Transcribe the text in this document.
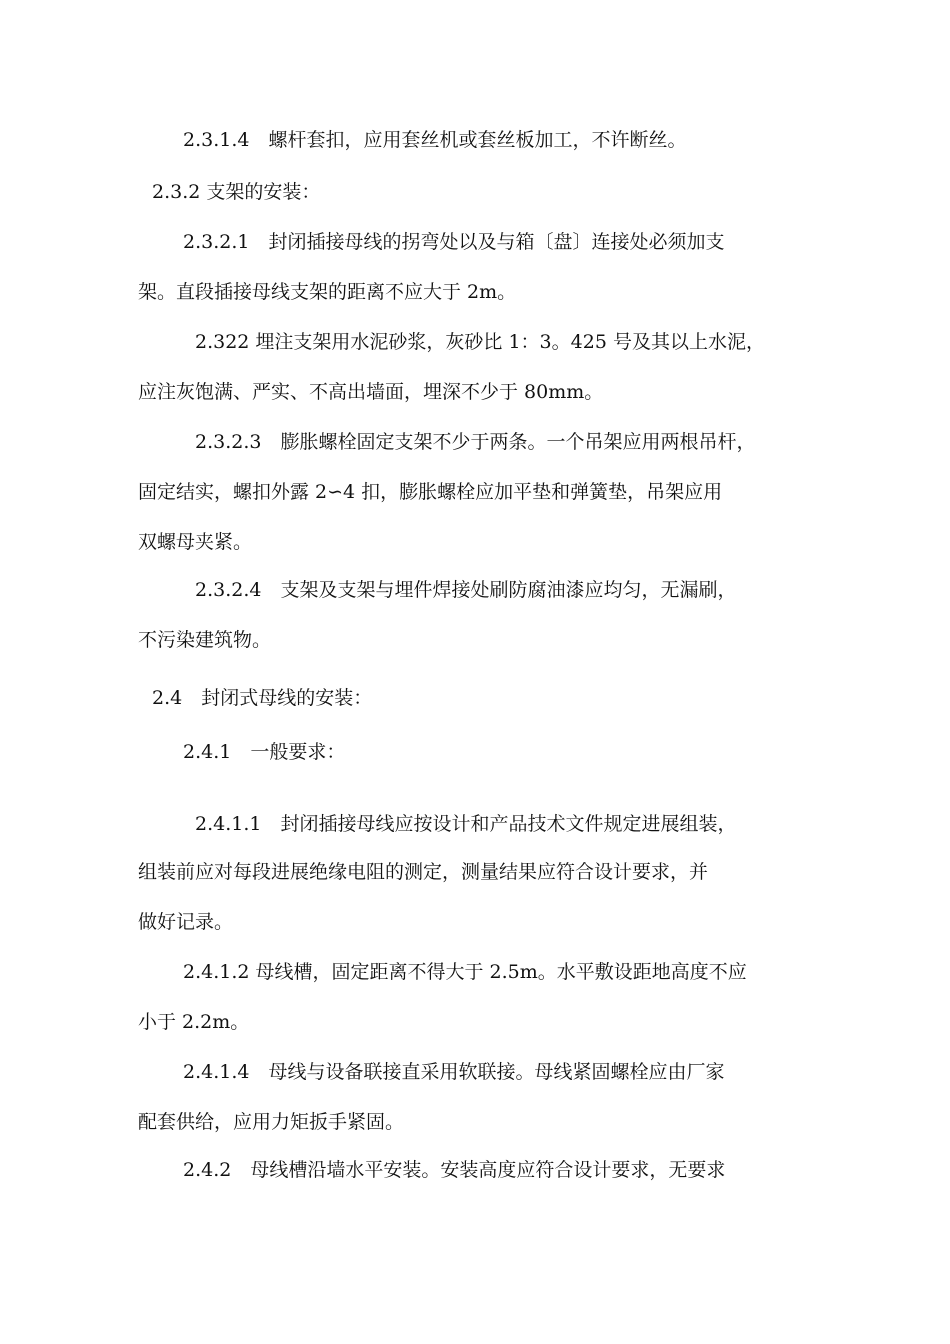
2.3.1.4　螺杆套扣，应用套丝机或套丝板加工，不许断丝。
2.3.2 支架的安装：
2.3.2.1　封闭插接母线的拐弯处以及与箱〔盘〕连接处必须加支
架。直段插接母线支架的距离不应大于 2m。
2.322 埋注支架用水泥砂浆，灰砂比 1：3。425 号及其以上水泥，
应注灰饱满、严实、不高出墙面，埋深不少于 80mm。
2.3.2.3　膨胀螺栓固定支架不少于两条。一个吊架应用两根吊杆，
固定结实，螺扣外露 2∽4 扣，膨胀螺栓应加平垫和弹簧垫，吊架应用
双螺母夹紧。
2.3.2.4　支架及支架与埋件焊接处刷防腐油漆应均匀，无漏刷，
不污染建筑物。
2.4　封闭式母线的安装：
2.4.1　一般要求：
2.4.1.1　封闭插接母线应按设计和产品技术文件规定进展组装，
组装前应对每段进展绝缘电阻的测定，测量结果应符合设计要求，并
做好记录。
2.4.1.2 母线槽，固定距离不得大于 2.5m。水平敷设距地高度不应
小于 2.2m。
2.4.1.4　母线与设备联接直采用软联接。母线紧固螺栓应由厂家
配套供给，应用力矩扳手紧固。
2.4.2　母线槽沿墙水平安装。安装高度应符合设计要求，无要求
